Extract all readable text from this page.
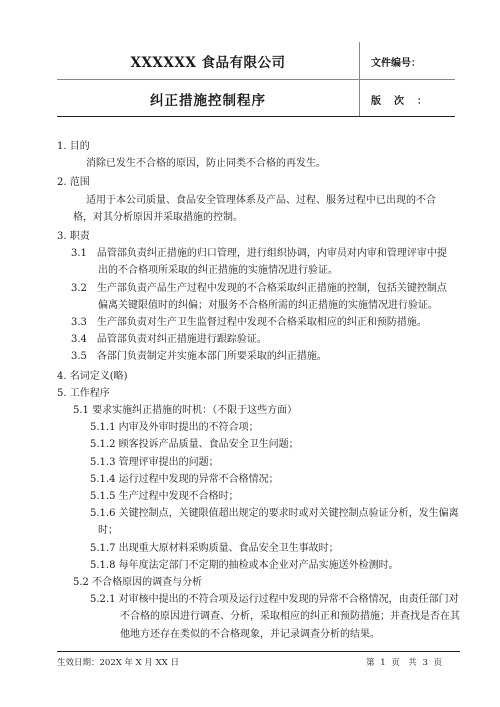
XXXXXX 食品有限公司
纠正措施控制程序
文件编号：
版次：
1. 目的
消除已发生不合格的原因，防止同类不合格的再发生。
2. 范围
适用于本公司质量、食品安全管理体系及产品、过程、服务过程中已出现的不合
格，对其分析原因并采取措施的控制。
3. 职责
3.1　品管部负责纠正措施的归口管理，进行组织协调，内审员对内审和管理评审中提
出的不合格项所采取的纠正措施的实施情况进行验证。
3.2　生产部负责产品生产过程中发现的不合格采取纠正措施的控制，包括关键控制点
偏离关键限值时的纠偏；对服务不合格所需的纠正措施的实施情况进行验证。
3.3　生产部负责对生产卫生监督过程中发现不合格采取相应的纠正和预防措施。
3.4　品管部负责对纠正措施进行跟踪验证。
3.5　各部门负责制定并实施本部门所要采取的纠正措施。
4. 名词定义(略)
5. 工作程序
5.1 要求实施纠正措施的时机：（不限于这些方面）
5.1.1 内审及外审时提出的不符合项；
5.1.2 顾客投诉产品质量、食品安全卫生问题；
5.1.3 管理评审提出的问题；
5.1.4 运行过程中发现的异常不合格情况；
5.1.5 生产过程中发现不合格时；
5.1.6 关键控制点，关键限值超出规定的要求时或对关键控制点验证分析，发生偏离
时；
5.1.7 出现重大原材料采购质量、食品安全卫生事故时；
5.1.8 每年度法定部门不定期的抽检或本企业对产品实施送外检测时。
生效日期：202X 年 X 月 XX 日	第 1 页　共 3 页
5.2 不合格原因的调查与分析
5.2.1 对审核中提出的不符合项及运行过程中发现的异常不合格情况，由责任部门对
不合格的原因进行调查、分析，采取相应的纠正和预防措施；并查找是否在其
他地方还存在类似的不合格现象，并记录调查分析的结果。
